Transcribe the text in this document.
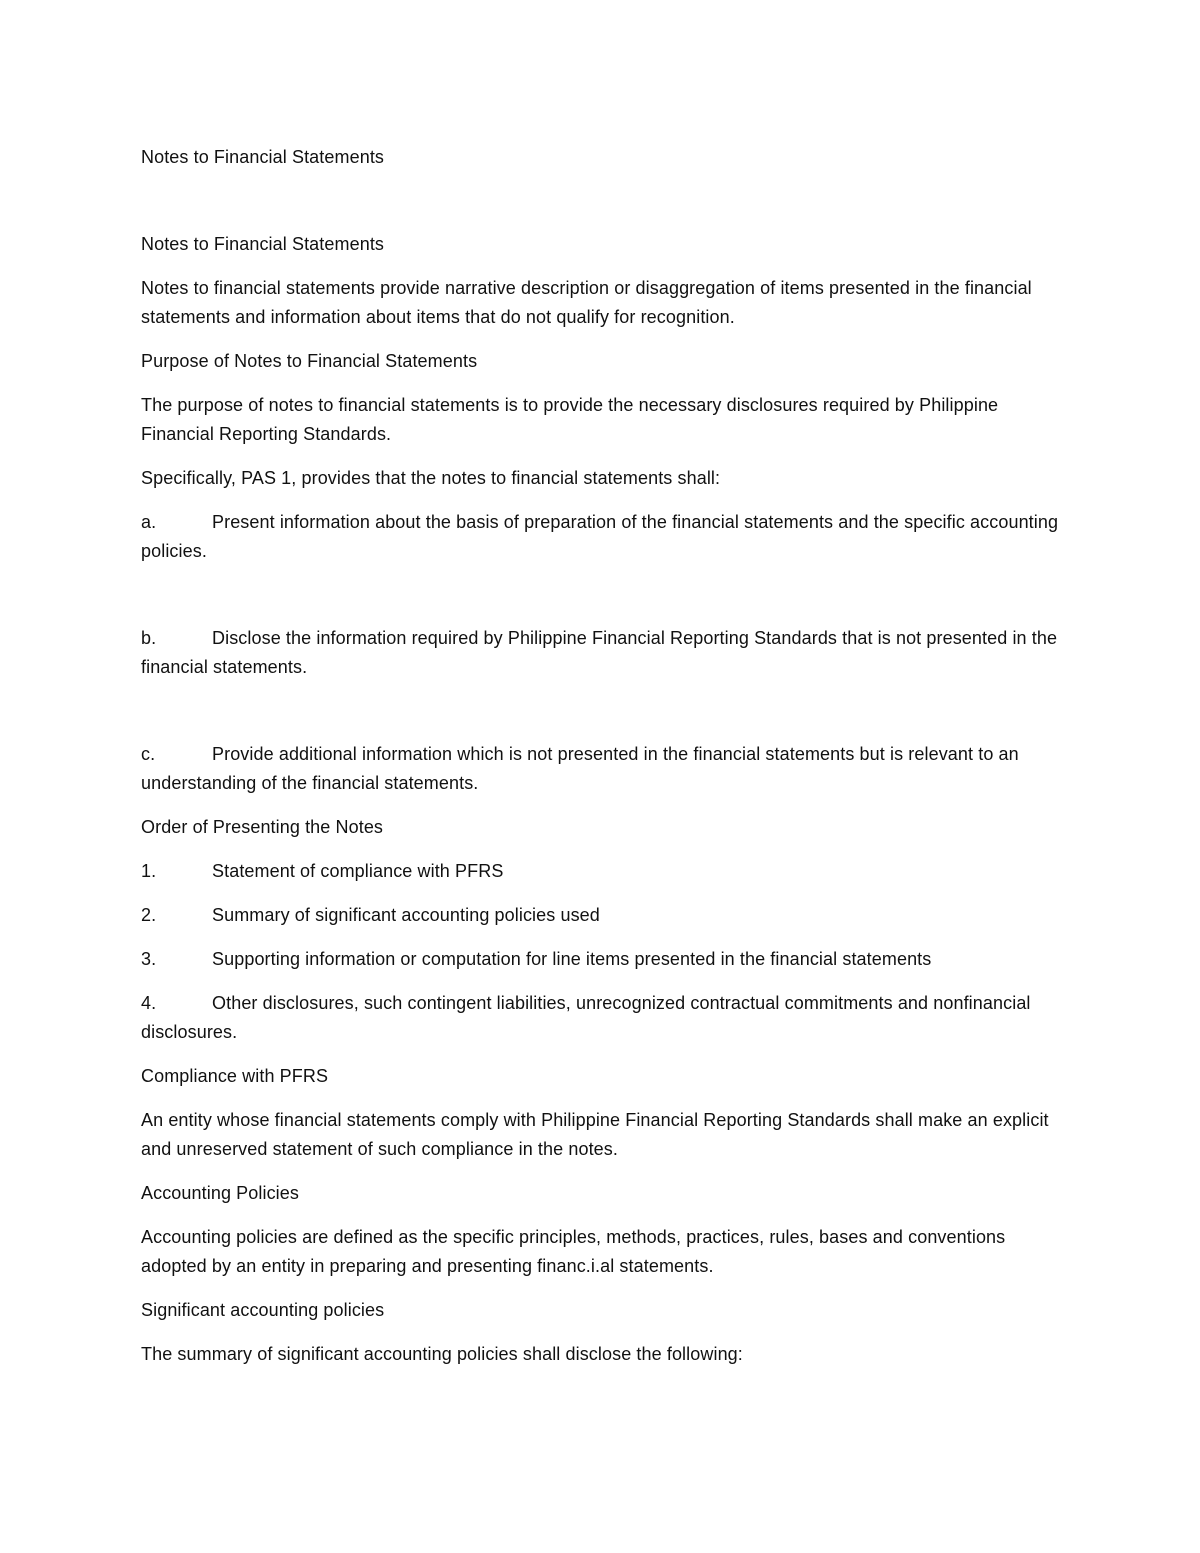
Notes to Financial Statements

Notes to Financial Statements

Notes to financial statements provide narrative description or disaggregation of items presented in the financial statements and information about items that do not qualify for recognition.

Purpose of Notes to Financial Statements

The purpose of notes to financial statements is to provide the necessary disclosures required by Philippine Financial Reporting Standards.

Specifically, PAS 1, provides that the notes to financial statements shall:

a.	Present information about the basis of preparation of the financial statements and the specific accounting policies.

b.	Disclose the information required by Philippine Financial Reporting Standards that is not presented in the financial statements.

c.	Provide additional information which is not presented in the financial statements but is relevant to an understanding of the financial statements.

Order of Presenting the Notes

1.	Statement of compliance with PFRS

2.	Summary of significant accounting policies used

3.	Supporting information or computation for line items presented in the financial statements

4.	Other disclosures, such contingent liabilities, unrecognized contractual commitments and nonfinancial disclosures.

Compliance with PFRS

An entity whose financial statements comply with Philippine Financial Reporting Standards shall make an explicit and unreserved statement of such compliance in the notes.

Accounting Policies

Accounting policies are defined as the specific principles, methods, practices, rules, bases and conventions adopted by an entity in preparing and presenting financ.i.al statements.

Significant accounting policies

The summary of significant accounting policies shall disclose the following:
